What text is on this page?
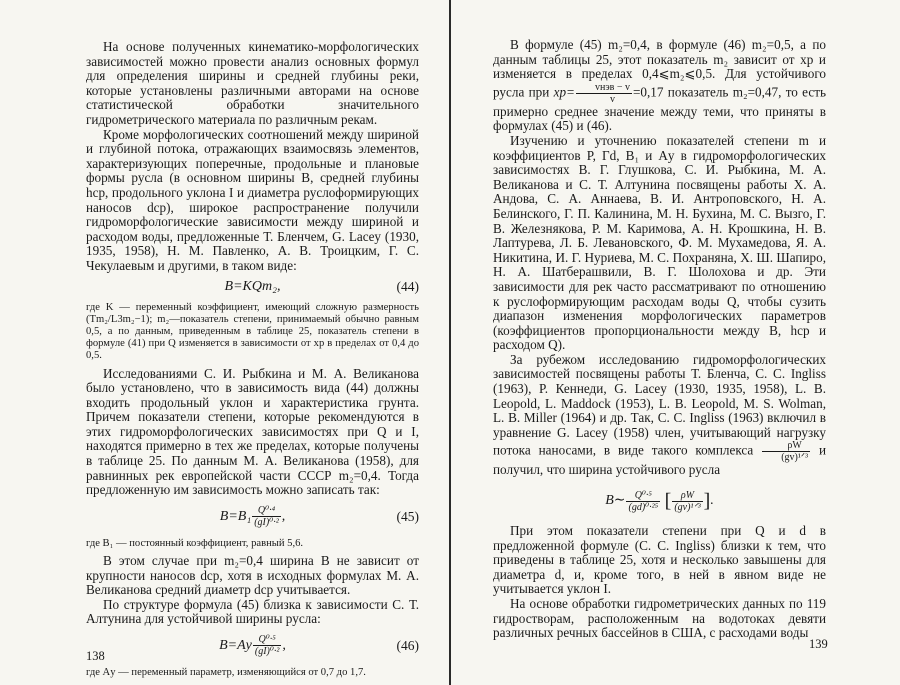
На основе полученных кинематико-морфологических зависимостей можно провести анализ основных формул для определения ширины и средней глубины реки, которые установлены различными авторами на основе статистической обработки значительного гидрометрического материала по различным рекам.

Кроме морфологических соотношений между шириной и глубиной потока, отражающих взаимосвязь элементов, характеризующих поперечные, продольные и плановые формы русла (в основном ширины B, средней глубины hср, продольного уклона I и диаметра руслоформирующих наносов dср), широкое распространение получили гидроморфологические зависимости между шириной и расходом воды, предложенные Т. Бленчем, G. Lacey (1930, 1935, 1958), Н. М. Павленко, А. В. Троицким, Г. С. Чекулаевым и другими, в таком виде:

B=KQm₂,	(44)
где K — переменный коэффициент, имеющий сложную размерность (Tm₂/L3m₂−1); m₂—показатель степени, принимаемый обычно равным 0,5, а по данным, приведенным в таблице 25, показатель степени в формуле (41) при Q изменяется в зависимости от xр в пределах от 0,4 до 0,5.

Исследованиями С. И. Рыбкина и М. А. Великанова было установлено, что в зависимость вида (44) должны входить продольный уклон и характеристика грунта. Причем показатели степени, которые рекомендуются в этих гидроморфологических зависимостях при Q и I, находятся примерно в тех же пределах, которые получены в таблице 25. По данным М. А. Великанова (1958), для равнинных рек европейской части СССР m₂=0,4. Тогда предложенную им зависимость можно записать так:

$B=B_1 \frac{\text{Q⁰·⁴}}{\text{(gI)⁰·²}}$ ,	(45)
где B₁ — постоянный коэффициент, равный 5,6.

В этом случае при m₂=0,4 ширина B не зависит от крупности наносов dср, хотя в исходных формулах М. А. Великанова средний диаметр dср учитывается.

По структуре формула (45) близка к зависимости С. Т. Алтунина для устойчивой ширины русла:

$B=Aу \frac{\text{Q⁰·⁵}}{\text{(gI)⁰·²}}$ ,	(46)
где Aу — переменный параметр, изменяющийся от 0,7 до 1,7.
138

В формуле (45) m₂=0,4, в формуле (46) m₂=0,5, а по данным таблицы 25, этот показатель m₂ зависит от xр и изменяется в пределах 0,4⩽m₂⩽0,5. Для устойчивого русла при $xр= \frac{\text{vнэв − v}}{v} =0,17$ показатель m₂=0,47, то есть примерно среднее значение между теми, что приняты в формулах (45) и (46).

Изучению и уточнению показателей степени m и коэффициентов P, Гd, B₁ и Aу в гидроморфологических зависимостях В. Г. Глушкова, С. И. Рыбкина, М. А. Великанова и С. Т. Алтунина посвящены работы Х. А. Андова, С. А. Аннаева, В. И. Антроповского, Н. А. Белинского, Г. П. Калинина, М. Н. Бухина, М. С. Вызго, Г. В. Железнякова, Р. М. Каримова, А. Н. Крошкина, Н. В. Лаптурева, Л. Б. Левановского, Ф. М. Мухамедова, Я. А. Никитина, И. Г. Нуриева, М. С. Похраняна, Х. Ш. Шапиро, Н. А. Шатберашвили, В. Г. Шолохова и др. Эти зависимости для рек часто рассматривают по отношению к руслоформирующим расходам воды Q, чтобы сузить диапазон изменения морфологических параметров (коэффициентов пропорциональности между B, hср и расходом Q).

За рубежом исследованию гидроморфологических зависимостей посвящены работы Т. Бленча, С. С. Ingliss (1963), Р. Кеннеди, G. Lacey (1930, 1935, 1958), L. B. Leopold, L. Maddock (1953), L. B. Leopold, M. S. Wolman, L. B. Miller (1964) и др. Так, С. С. Ingliss (1963) включил в уравнение G. Lacey (1958) член, учитывающий нагрузку потока наносами, в виде такого комплекса $\frac{\rho W}{\text{(gv)¹ᐟ³}}$ и получил, что ширина устойчивого русла

B∼ $\frac{\text{Q⁰·⁵}}{\text{(gd)⁰·²⁵}}$ [ $\frac{\rho W}{\text{(gv)¹ᐟ³}}$ ].

При этом показатели степени при Q и d в предложенной формуле (С. С. Ingliss) близки к тем, что приведены в таблице 25, хотя и несколько завышены для диаметра d, и, кроме того, в ней в явном виде не учитывается уклон I.

На основе обработки гидрометрических данных по 119 гидростворам, расположенным на водотоках девяти различных речных бассейнов в США, с расходами воды

139
